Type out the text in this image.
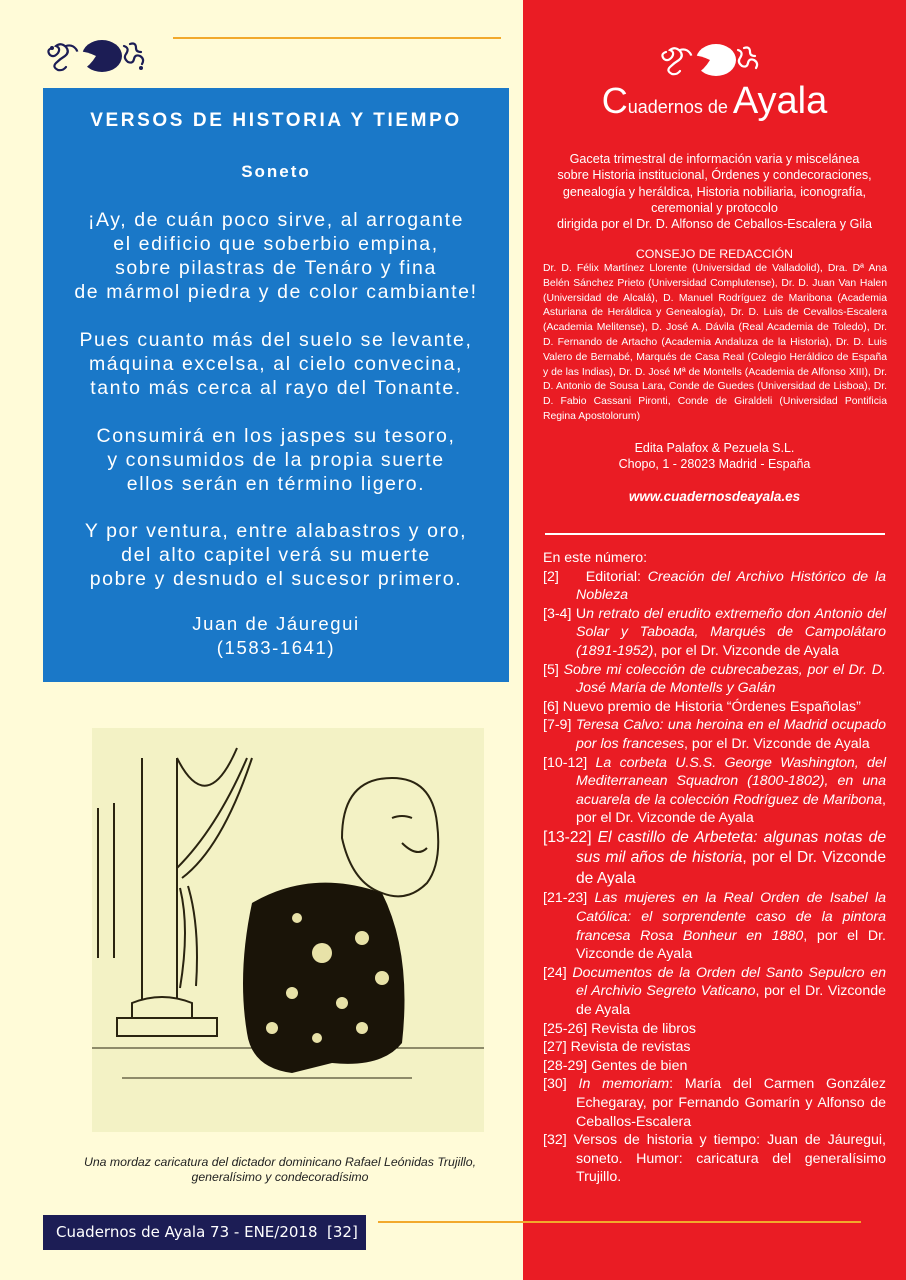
VERSOS DE HISTORIA Y TIEMPO
Soneto
¡Ay, de cuán poco sirve, al arrogante
el edificio que soberbio empina,
sobre pilastras de Tenáro y fina
de mármol piedra y de color cambiante!
Pues cuanto más del suelo se levante,
máquina excelsa, al cielo convecina,
tanto más cerca al rayo del Tonante.
Consumirá en los jaspes su tesoro,
y consumidos de la propia suerte
ellos serán en término ligero.
Y por ventura, entre alabastros y oro,
del alto capitel verá su muerte
pobre y desnudo el sucesor primero.
Juan de Jáuregui
(1583-1641)
Una mordaz caricatura del dictador dominicano Rafael Leónidas Trujillo,
generalísimo y condecoradísimo
Cuadernos de Ayala 73 - ENE/2018  [32]
Cuadernos de Ayala
Gaceta trimestral de información varia y miscelánea
sobre Historia institucional, Órdenes y condecoraciones,
genealogía y heráldica, Historia nobiliaria, iconografía,
ceremonial y protocolo
dirigida por el Dr. D. Alfonso de Ceballos-Escalera y Gila
CONSEJO DE REDACCIÓN
Dr. D. Félix Martínez Llorente (Universidad de Valladolid), Dra. Dª Ana Belén Sánchez Prieto (Universidad Complutense), Dr. D. Juan Van Halen (Universidad de Alcalá), D. Manuel Rodríguez de Maribona (Academia Asturiana de Heráldica y Genealogía), Dr. D. Luis de Cevallos-Escalera (Academia Melitense), D. José A. Dávila (Real Academia de Toledo), Dr. D. Fernando de Artacho (Academia Andaluza de la Historia), Dr. D. Luis Valero de Bernabé, Marqués de Casa Real (Colegio Heráldico de España y de las Indias), Dr. D. José Mª de Montells (Academia de Alfonso XIII), Dr. D. Antonio de Sousa Lara, Conde de Guedes (Universidad de Lisboa), Dr. D. Fabio Cassani Pironti, Conde de Giraldeli (Universidad Pontificia Regina Apostolorum)
Edita Palafox & Pezuela S.L.
Chopo, 1 - 28023 Madrid - España
www.cuadernosdeayala.es
En este número:
[2]    Editorial: Creación del Archivo Histórico de la Nobleza
[3-4] Un retrato del erudito extremeño don Antonio del Solar y Taboada, Marqués de Campolátaro (1891-1952), por el Dr. Vizconde de Ayala
[5] Sobre mi colección de cubrecabezas, por el Dr. D. José María de Montells y Galán
[6] Nuevo premio de Historia “Órdenes Españolas”
[7-9] Teresa Calvo: una heroina en el Madrid ocupado por los franceses, por el Dr. Vizconde de Ayala
[10-12] La corbeta U.S.S. George Washington, del Mediterranean Squadron (1800-1802), en una acuarela de la colección Rodríguez de Maribona, por el Dr. Vizconde de Ayala
[13-22] El castillo de Arbeteta: algunas notas de sus mil años de historia, por el Dr. Vizconde de Ayala
[21-23] Las mujeres en la Real Orden de Isabel la Católica: el sorprendente caso de la pintora francesa Rosa Bonheur en 1880, por el Dr. Vizconde de Ayala
[24] Documentos de la Orden del Santo Sepulcro en el Archivio Segreto Vaticano, por el Dr. Vizconde de Ayala
[25-26] Revista de libros
[27] Revista de revistas
[28-29] Gentes de bien
[30] In memoriam: María del Carmen González Echegaray, por Fernando Gomarín y Alfonso de Ceballos-Escalera
[32] Versos de historia y tiempo: Juan de Jáuregui, soneto. Humor: caricatura del generalísimo Trujillo.
